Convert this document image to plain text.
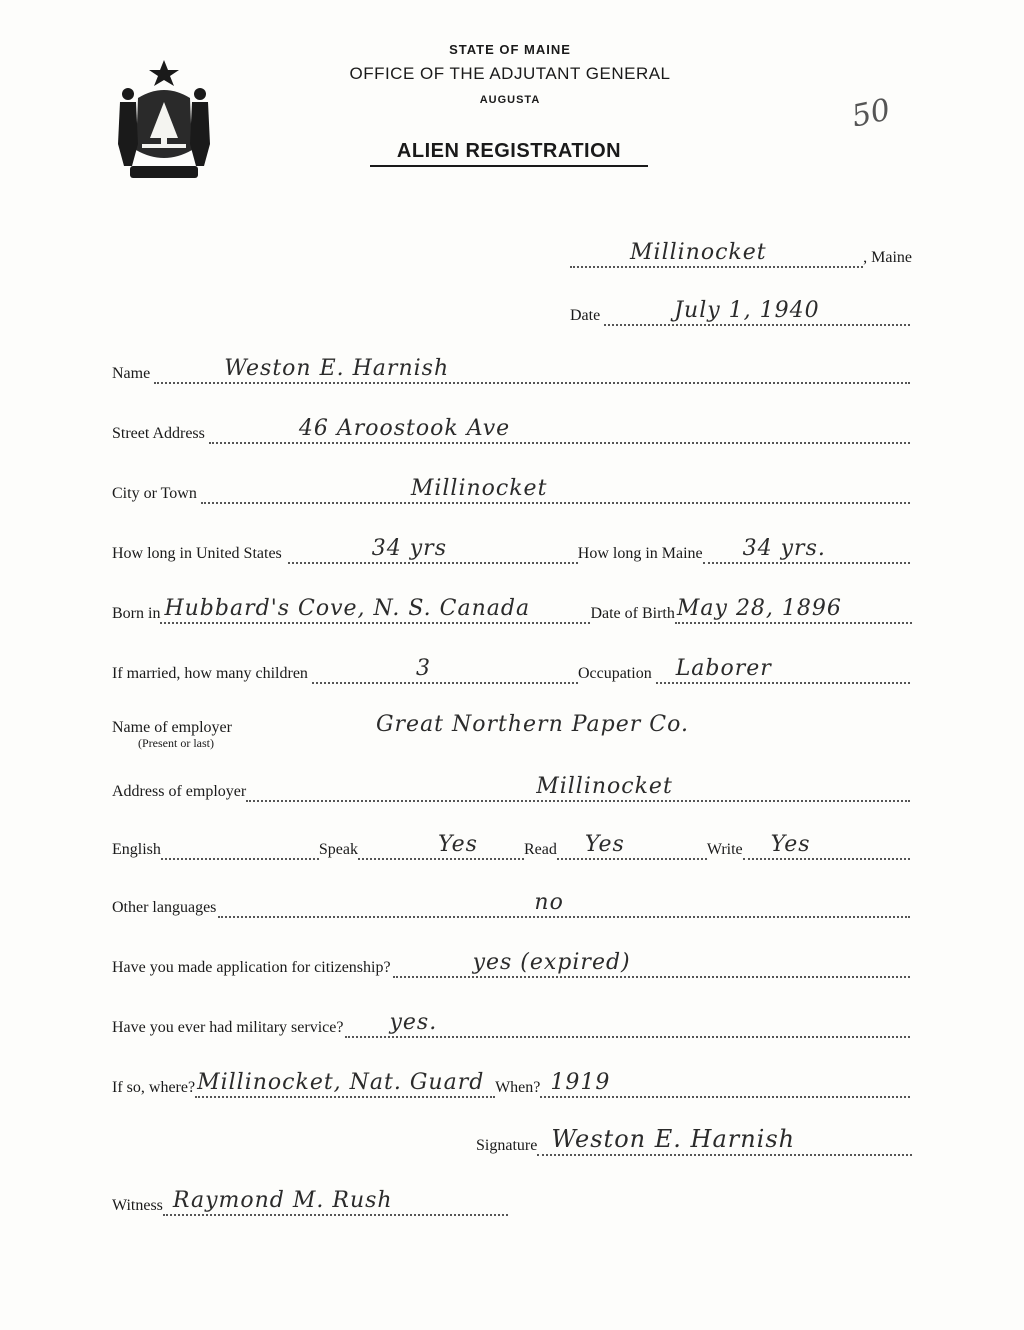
STATE OF MAINE
OFFICE OF THE ADJUTANT GENERAL
AUGUSTA
ALIEN REGISTRATION
50
Millinocket	, Maine
Date	July 1, 1940
Name	Weston E. Harnish
Street Address	46 Aroostook Ave
City or Town	Millinocket
How long in United States	34 yrs	How long in Maine 34 yrs.
Born in Hubbard's Cove, N. S. Canada	Date of Birth May 28, 1896
If married, how many children	3	Occupation Laborer
Name of employer	Great Northern Paper Co.
(Present or last)
Address of employer	Millinocket
English	Speak	Yes	Read Yes	Write Yes
Other languages	no
Have you made application for citizenship?	yes (expired)
Have you ever had military service? yes.
If so, where? Millinocket, Nat. Guard When? 1919
Signature Weston E. Harnish
Witness Raymond M. Rush
